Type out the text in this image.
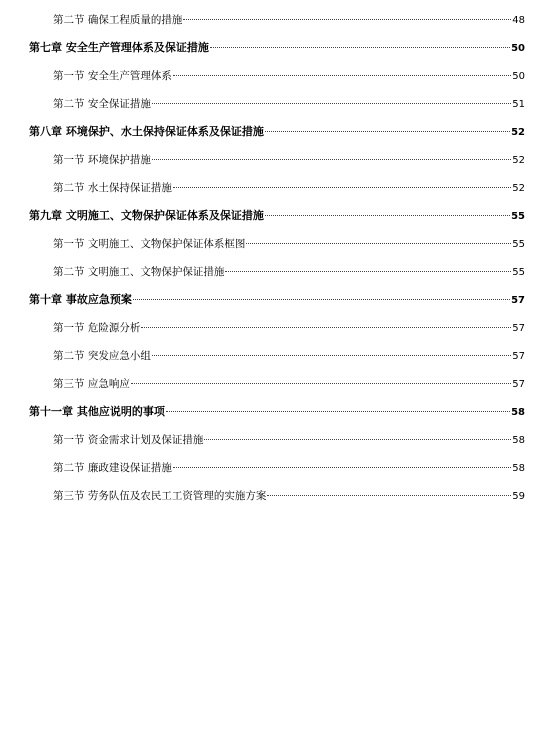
第二节 确保工程质量的措施	48
第七章 安全生产管理体系及保证措施	50
第一节 安全生产管理体系	50
第二节 安全保证措施	51
第八章 环境保护、水土保持保证体系及保证措施	52
第一节 环境保护措施	52
第二节 水土保持保证措施	52
第九章 文明施工、文物保护保证体系及保证措施	55
第一节 文明施工、文物保护保证体系框图	55
第二节 文明施工、文物保护保证措施	55
第十章 事故应急预案	57
第一节 危险源分析	57
第二节 突发应急小组	57
第三节 应急响应	57
第十一章 其他应说明的事项	58
第一节 资金需求计划及保证措施	58
第二节 廉政建设保证措施	58
第三节 劳务队伍及农民工工资管理的实施方案	59
